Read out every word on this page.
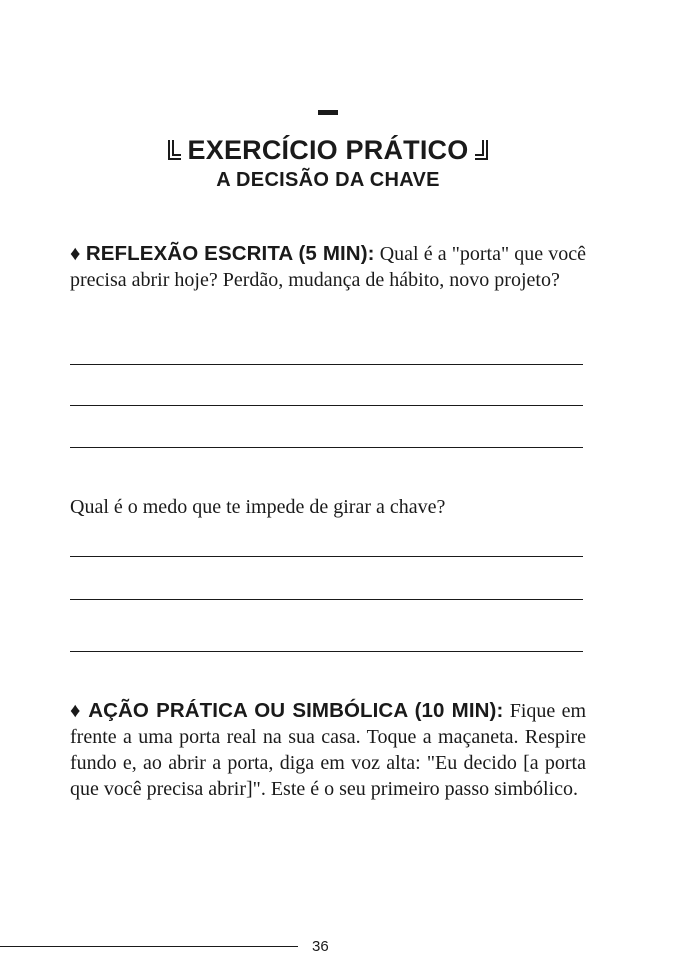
EXERCÍCIO PRÁTICO
A DECISÃO DA CHAVE
♦ REFLEXÃO ESCRITA (5 MIN): Qual é a "porta" que você precisa abrir hoje? Perdão, mudança de hábito, novo projeto?
Qual é o medo que te impede de girar a chave?
♦ AÇÃO PRÁTICA OU SIMBÓLICA (10 MIN): Fique em frente a uma porta real na sua casa. Toque a maçaneta. Respire fundo e, ao abrir a porta, diga em voz alta: "Eu decido [a porta que você precisa abrir]". Este é o seu primeiro passo simbólico.
36
